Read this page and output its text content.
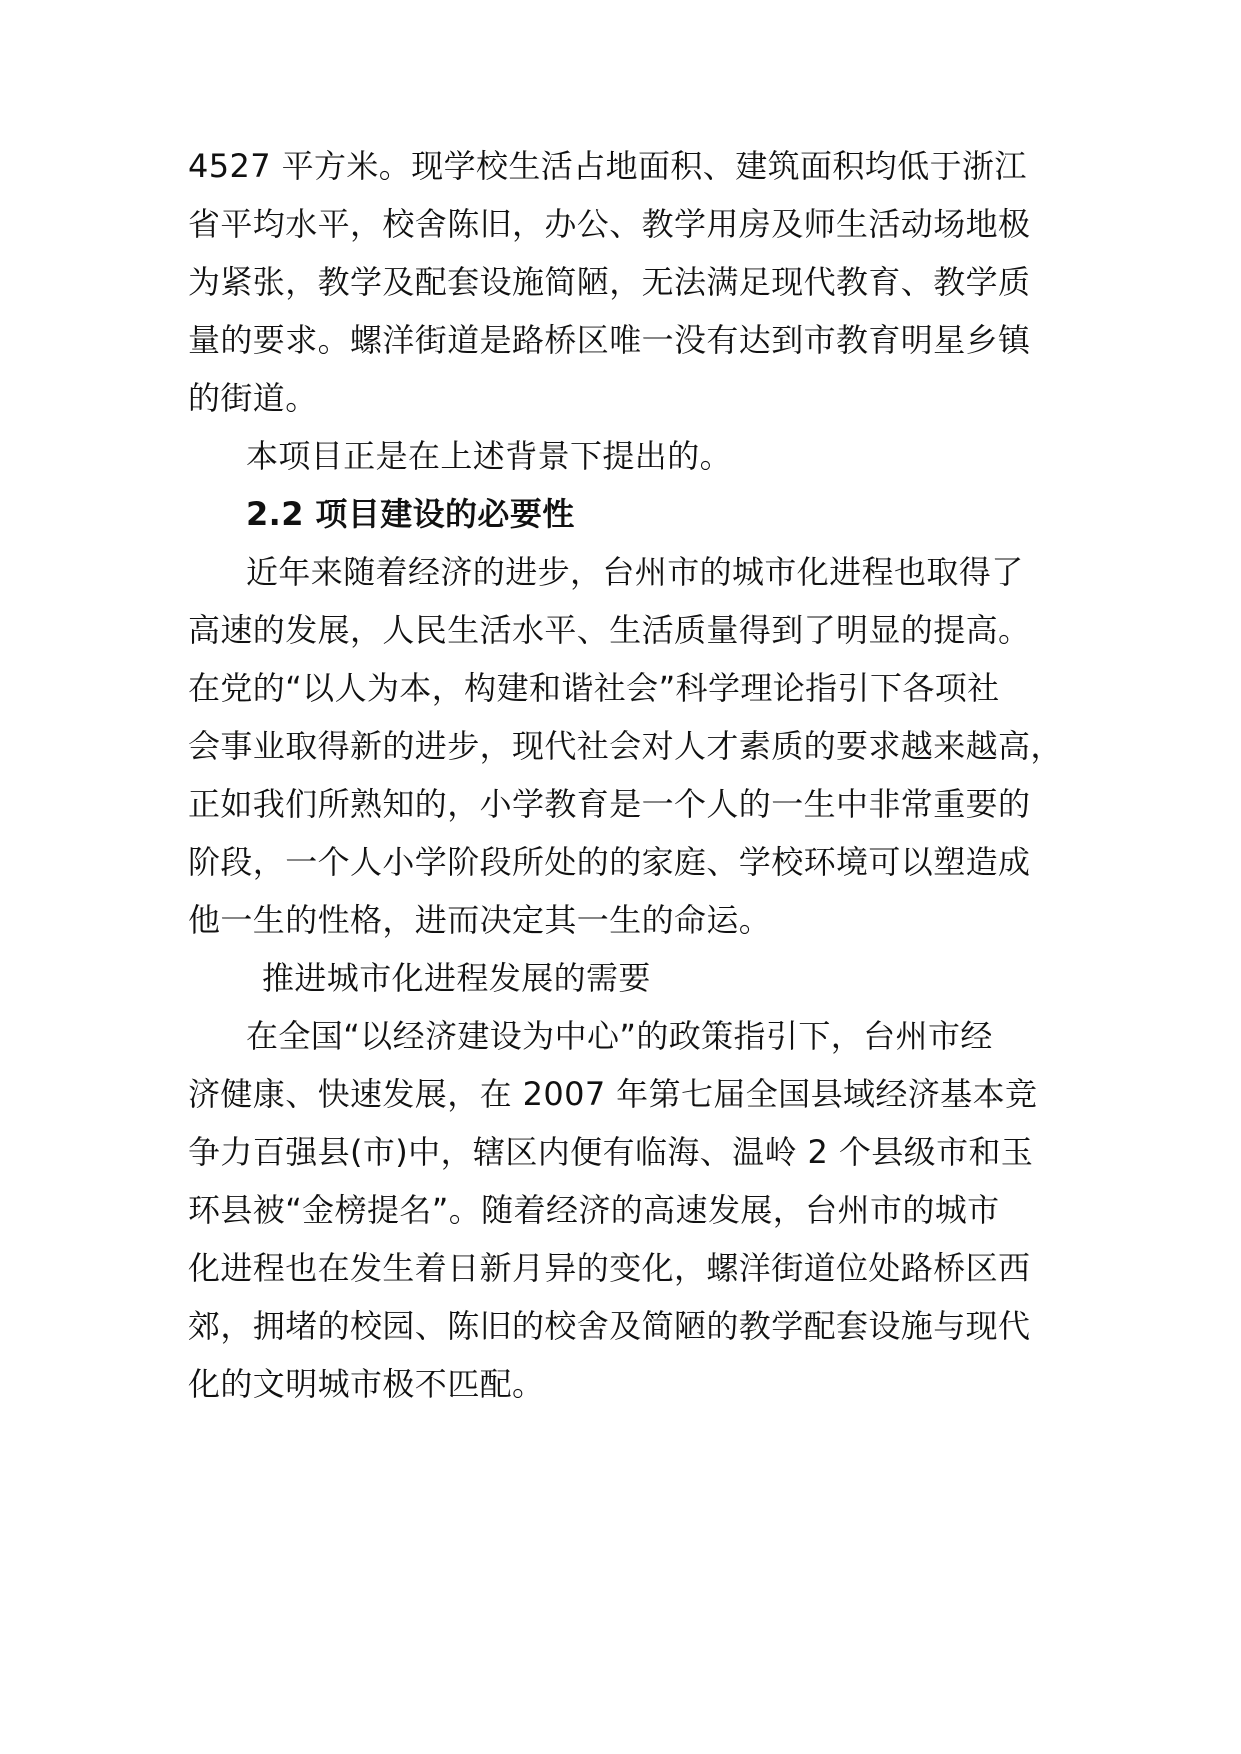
4527 平方米。现学校生活占地面积、建筑面积均低于浙江
省平均水平，校舍陈旧，办公、教学用房及师生活动场地极
为紧张，教学及配套设施简陋，无法满足现代教育、教学质
量的要求。螺洋街道是路桥区唯一没有达到市教育明星乡镇
的街道。
本项目正是在上述背景下提出的。
2.2 项目建设的必要性
近年来随着经济的进步，台州市的城市化进程也取得了
高速的发展，人民生活水平、生活质量得到了明显的提高。
在党的“以人为本，构建和谐社会”科学理论指引下各项社
会事业取得新的进步，现代社会对人才素质的要求越来越高，
正如我们所熟知的，小学教育是一个人的一生中非常重要的
阶段，一个人小学阶段所处的的家庭、学校环境可以塑造成
他一生的性格，进而决定其一生的命运。
推进城市化进程发展的需要
在全国“以经济建设为中心”的政策指引下，台州市经
济健康、快速发展，在 2007 年第七届全国县域经济基本竞
争力百强县(市)中，辖区内便有临海、温岭 2 个县级市和玉
环县被“金榜提名”。随着经济的高速发展，台州市的城市
化进程也在发生着日新月异的变化，螺洋街道位处路桥区西
郊，拥堵的校园、陈旧的校舍及简陋的教学配套设施与现代
化的文明城市极不匹配。
